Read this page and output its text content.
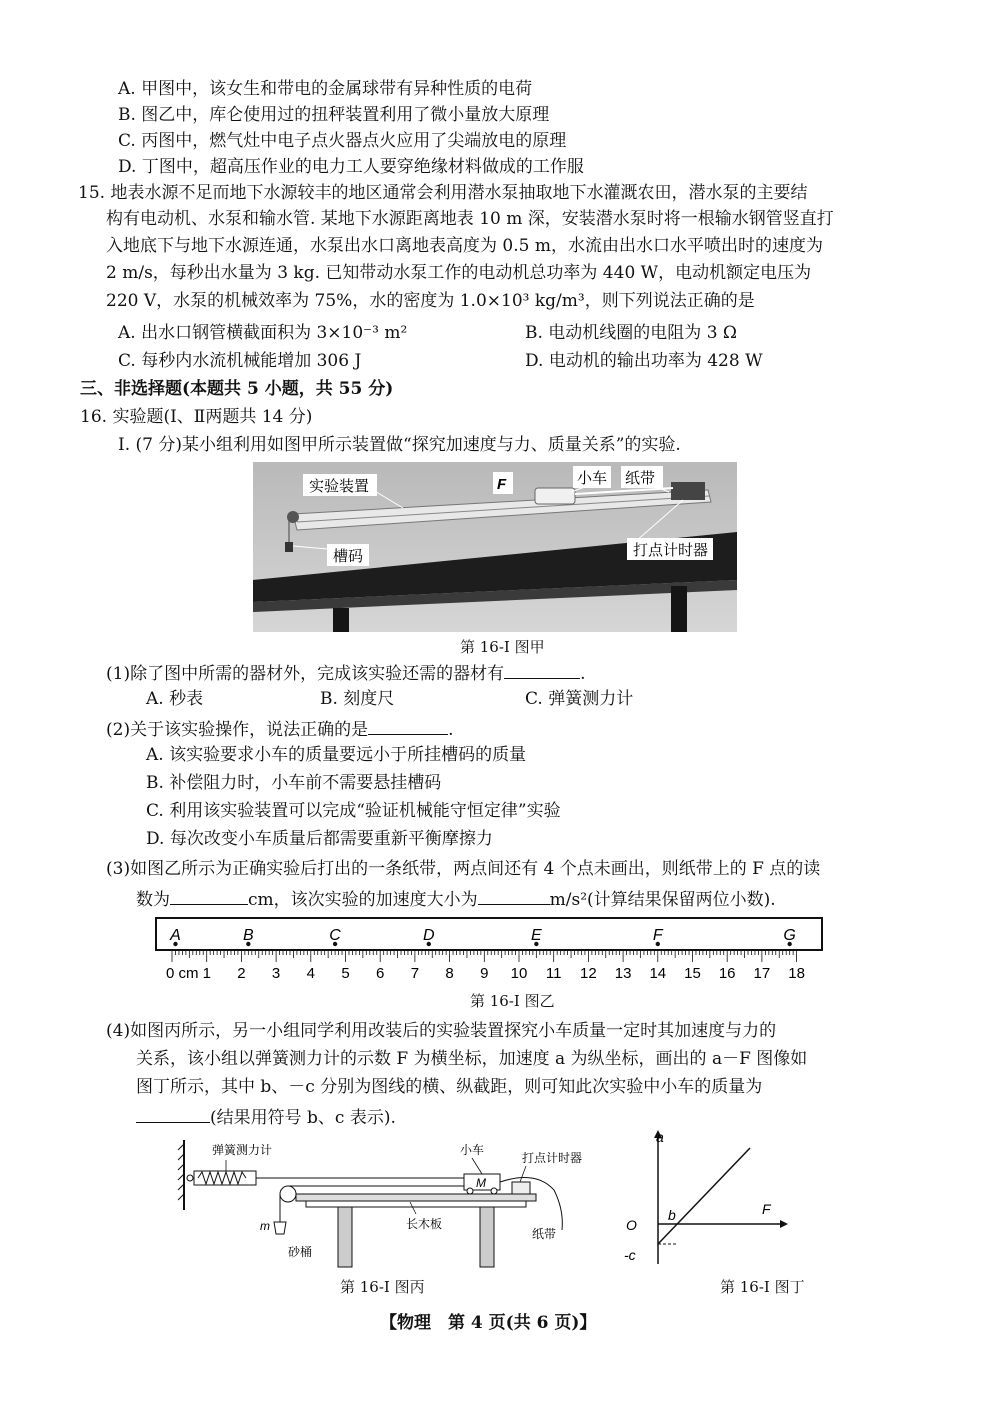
A. 甲图中，该女生和带电的金属球带有异种性质的电荷
B. 图乙中，库仑使用过的扭秤装置利用了微小量放大原理
C. 丙图中，燃气灶中电子点火器点火应用了尖端放电的原理
D. 丁图中，超高压作业的电力工人要穿绝缘材料做成的工作服
15. 地表水源不足而地下水源较丰的地区通常会利用潜水泵抽取地下水灌溉农田，潜水泵的主要结
构有电动机、水泵和输水管. 某地下水源距离地表 10 m 深，安装潜水泵时将一根输水钢管竖直打
入地底下与地下水源连通，水泵出水口离地表高度为 0.5 m，水流由出水口水平喷出时的速度为
2 m/s，每秒出水量为 3 kg. 已知带动水泵工作的电动机总功率为 440 W，电动机额定电压为
220 V，水泵的机械效率为 75%，水的密度为 1.0×10³ kg/m³，则下列说法正确的是
A. 出水口钢管横截面积为 3×10⁻³ m²	B. 电动机线圈的电阻为 3 Ω
C. 每秒内水流机械能增加 306 J	D. 电动机的输出功率为 428 W
三、非选择题(本题共 5 小题，共 55 分)
16. 实验题(Ⅰ、Ⅱ两题共 14 分)
Ⅰ. (7 分)某小组利用如图甲所示装置做“探究加速度与力、质量关系”的实验.
实验装置	F	小车 纸带
槽码	打点计时器
第 16-I 图甲
(1)除了图中所需的器材外，完成该实验还需的器材有	.
A. 秒表	B. 刻度尺	C. 弹簧测力计
(2)关于该实验操作，说法正确的是	.
A. 该实验要求小车的质量要远小于所挂槽码的质量
B. 补偿阻力时，小车前不需要悬挂槽码
C. 利用该实验装置可以完成“验证机械能守恒定律”实验
D. 每次改变小车质量后都需要重新平衡摩擦力
(3)如图乙所示为正确实验后打出的一条纸带，两点间还有 4 个点未画出，则纸带上的 F 点的读
数为	cm，该次实验的加速度大小为	m/s²(计算结果保留两位小数).
A	B	C	D	E	F	G
0 cm 1 2 3 4 5 6 7 8 9 10 11 12 13 14 15 16 17 18
第 16-I 图乙
(4)如图丙所示，另一小组同学利用改装后的实验装置探究小车质量一定时其加速度与力的
关系，该小组以弹簧测力计的示数 F 为横坐标，加速度 a 为纵坐标，画出的 a－F 图像如
图丁所示，其中 b、－c 分别为图线的横、纵截距，则可知此次实验中小车的质量为
(结果用符号 b、c 表示).
弹簧测力计	小车
打点计时器
M
m
砂桶
长木板
纸带
第 16-I 图丙
a
F
O
b
-c
第 16-I 图丁
【物理　第 4 页(共 6 页)】
